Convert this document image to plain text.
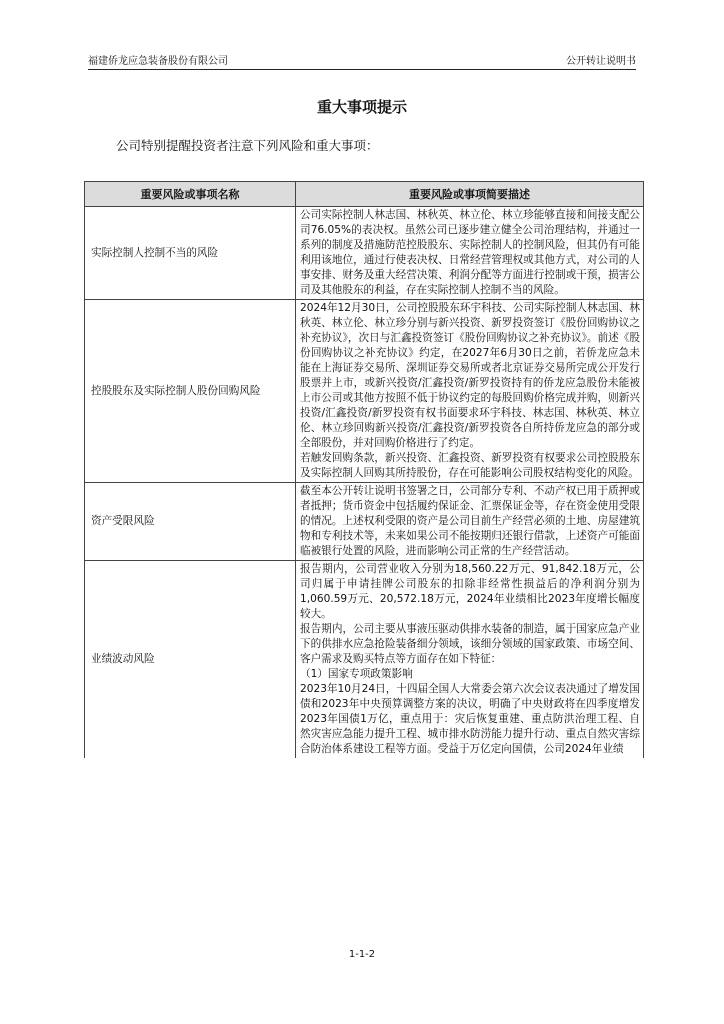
福建侨龙应急装备股份有限公司	公开转让说明书
重大事项提示
公司特别提醒投资者注意下列风险和重大事项：
重要风险或事项名称	重要风险或事项简要描述
实际控制人控制不当的风险	公司实际控制人林志国、林秋英、林立伦、林立珍能够直接和间接支配公司76.05%的表决权。虽然公司已逐步建立健全公司治理结构，并通过一系列的制度及措施防范控股股东、实际控制人的控制风险，但其仍有可能利用该地位，通过行使表决权、日常经营管理权或其他方式，对公司的人事安排、财务及重大经营决策、利润分配等方面进行控制或干预，损害公司及其他股东的利益，存在实际控制人控制不当的风险。

控股股东及实际控制人股份回购风险	2024年12月30日，公司控股股东环宇科技、公司实际控制人林志国、林秋英、林立伦、林立珍分别与新兴投资、新罗投资签订《股份回购协议之补充协议》，次日与汇鑫投资签订《股份回购协议之补充协议》。前述《股份回购协议之补充协议》约定，在2027年6月30日之前，若侨龙应急未能在上海证券交易所、深圳证券交易所或者北京证券交易所完成公开发行股票并上市，或新兴投资/汇鑫投资/新罗投资持有的侨龙应急股份未能被上市公司或其他方按照不低于协议约定的每股回购价格完成并购，则新兴投资/汇鑫投资/新罗投资有权书面要求环宇科技、林志国、林秋英、林立伦、林立珍回购新兴投资/汇鑫投资/新罗投资各自所持侨龙应急的部分或全部股份，并对回购价格进行了约定。

若触发回购条款，新兴投资、汇鑫投资、新罗投资有权要求公司控股股东及实际控制人回购其所持股份，存在可能影响公司股权结构变化的风险。

资产受限风险	截至本公开转让说明书签署之日，公司部分专利、不动产权已用于质押或者抵押；货币资金中包括履约保证金、汇票保证金等，存在资金使用受限的情况。上述权利受限的资产是公司目前生产经营必须的土地、房屋建筑物和专利技术等，未来如果公司不能按期归还银行借款，上述资产可能面临被银行处置的风险，进而影响公司正常的生产经营活动。

业绩波动风险	报告期内，公司营业收入分别为18,560.22万元、91,842.18万元，公司归属于申请挂牌公司股东的扣除非经常性损益后的净利润分别为1,060.59万元、20,572.18万元，2024年业绩相比2023年度增长幅度较大。

报告期内，公司主要从事液压驱动供排水装备的制造，属于国家应急产业下的供排水应急抢险装备细分领域，该细分领域的国家政策、市场空间、客户需求及购买特点等方面存在如下特征：

（1）国家专项政策影响

2023年10月24日，十四届全国人大常委会第六次会议表决通过了增发国债和2023年中央预算调整方案的决议，明确了中央财政将在四季度增发2023年国债1万亿，重点用于：灾后恢复重建、重点防洪治理工程、自然灾害应急能力提升工程、城市排水防涝能力提升行动、重点自然灾害综合防治体系建设工程等方面。受益于万亿定向国债，公司2024年业绩

1-1-2
